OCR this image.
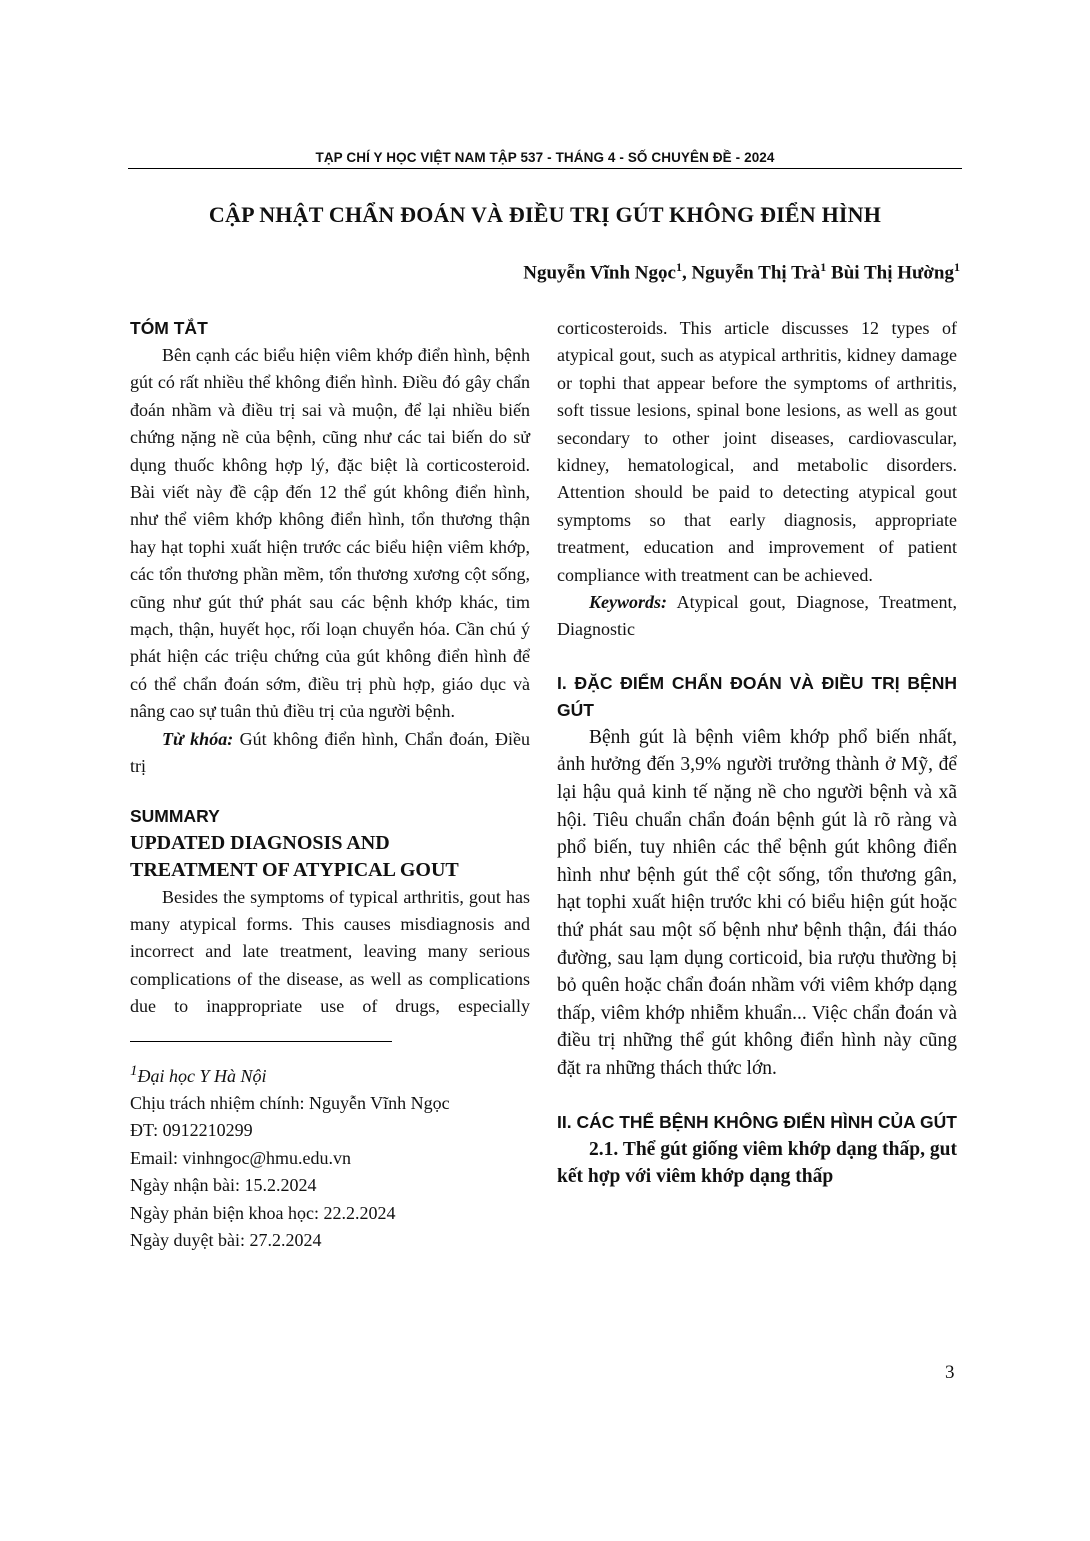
TẠP CHÍ Y HỌC VIỆT NAM TẬP 537 - THÁNG 4 - SỐ CHUYÊN ĐỀ - 2024
CẬP NHẬT CHẨN ĐOÁN VÀ ĐIỀU TRỊ GÚT KHÔNG ĐIỂN HÌNH
Nguyễn Vĩnh Ngọc$^1$, Nguyễn Thị Trà$^1$ Bùi Thị Hường$^1$

TÓM TẮT

Bên cạnh các biểu hiện viêm khớp điển hình, bệnh gút có rất nhiều thể không điển hình. Điều đó gây chẩn đoán nhầm và điều trị sai và muộn, để lại nhiều biến chứng nặng nề của bệnh, cũng như các tai biến do sử dụng thuốc không hợp lý, đặc biệt là corticosteroid. Bài viết này đề cập đến 12 thể gút không điển hình, như thể viêm khớp không điển hình, tổn thương thận hay hạt tophi xuất hiện trước các biểu hiện viêm khớp, các tổn thương phần mềm, tổn thương xương cột sống, cũng như gút thứ phát sau các bệnh khớp khác, tim mạch, thận, huyết học, rối loạn chuyển hóa. Cần chú ý phát hiện các triệu chứng của gút không điển hình để có thể chẩn đoán sớm, điều trị phù hợp, giáo dục và nâng cao sự tuân thủ điều trị của người bệnh.

Từ khóa: Gút không điển hình, Chẩn đoán, Điều trị

SUMMARY

UPDATED DIAGNOSIS AND

TREATMENT OF ATYPICAL GOUT

Besides the symptoms of typical arthritis, gout has many atypical forms. This causes misdiagnosis and incorrect and late treatment, leaving many serious complications of the disease, as well as complications due to inappropriate use of drugs, especially

$^1$Đại học Y Hà Nội

Chịu trách nhiệm chính: Nguyễn Vĩnh Ngọc

ĐT: 0912210299

Email: vinhngoc@hmu.edu.vn

Ngày nhận bài: 15.2.2024

Ngày phản biện khoa học: 22.2.2024

Ngày duyệt bài: 27.2.2024

corticosteroids. This article discusses 12 types of atypical gout, such as atypical arthritis, kidney damage or tophi that appear before the symptoms of arthritis, soft tissue lesions, spinal bone lesions, as well as gout secondary to other joint diseases, cardiovascular, kidney, hematological, and metabolic disorders. Attention should be paid to detecting atypical gout symptoms so that early diagnosis, appropriate treatment, education and improvement of patient compliance with treatment can be achieved.

Keywords: Atypical gout, Diagnose, Treatment, Diagnostic

I. ĐẶC ĐIỂM CHẨN ĐOÁN VÀ ĐIỀU TRỊ BỆNH GÚT

Bệnh gút là bệnh viêm khớp phổ biến nhất, ảnh hưởng đến 3,9% người trưởng thành ở Mỹ, để lại hậu quả kinh tế nặng nề cho người bệnh và xã hội. Tiêu chuẩn chẩn đoán bệnh gút là rõ ràng và phổ biến, tuy nhiên các thể bệnh gút không điển hình như bệnh gút thể cột sống, tổn thương gân, hạt tophi xuất hiện trước khi có biểu hiện gút hoặc thứ phát sau một số bệnh như bệnh thận, đái tháo đường, sau lạm dụng corticoid, bia rượu thường bị bỏ quên hoặc chẩn đoán nhầm với viêm khớp dạng thấp, viêm khớp nhiễm khuẩn... Việc chẩn đoán và điều trị những thể gút không điển hình này cũng đặt ra những thách thức lớn.

II. CÁC THỂ BỆNH KHÔNG ĐIỂN HÌNH CỦA GÚT

2.1. Thể gút giống viêm khớp dạng thấp, gut kết hợp với viêm khớp dạng thấp

3
